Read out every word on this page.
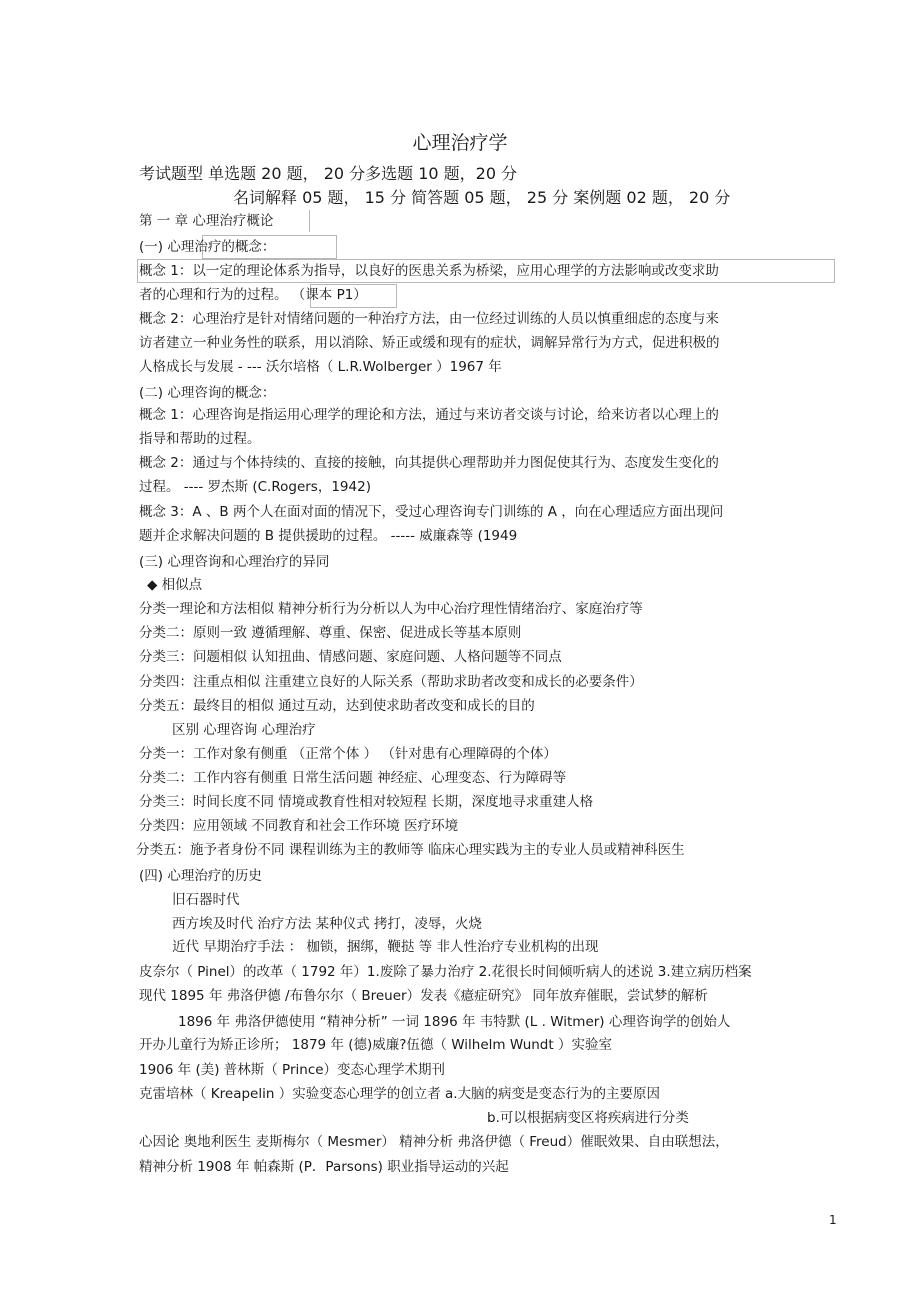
心理治疗学
考试题型 单选题 20 题， 20 分多选题 10 题，20 分
名词解释 05 题， 15 分 简答题 05 题， 25 分 案例题 02 题， 20 分
第 一 章 心理治疗概论
(一) 心理治疗的概念：
概念 1：以一定的理论体系为指导，以良好的医患关系为桥梁，应用心理学的方法影响或改变求助
者的心理和行为的过程。 （课本 P1）
概念 2：心理治疗是针对情绪问题的一种治疗方法，由一位经过训练的人员以慎重细虑的态度与来
访者建立一种业务性的联系，用以消除、矫正或缓和现有的症状，调解异常行为方式，促进积极的
人格成长与发展 - --- 沃尔培格（ L.R.Wolberger ）1967 年
(二) 心理咨询的概念：
概念 1：心理咨询是指运用心理学的理论和方法，通过与来访者交谈与讨论，给来访者以心理上的
指导和帮助的过程。
概念 2：通过与个体持续的、直接的接触，向其提供心理帮助并力图促使其行为、态度发生变化的
过程。 ---- 罗杰斯 (C.Rogers，1942)
概念 3：A 、B 两个人在面对面的情况下，受过心理咨询专门训练的 A ，向在心理适应方面出现问
题并企求解决问题的 B 提供援助的过程。 ----- 威廉森等 (1949
(三) 心理咨询和心理治疗的异同
◆ 相似点
分类一理论和方法相似 精神分析行为分析以人为中心治疗理性情绪治疗、家庭治疗等
分类二：原则一致 遵循理解、尊重、保密、促进成长等基本原则
分类三：问题相似 认知扭曲、情感问题、家庭问题、人格问题等不同点
分类四：注重点相似 注重建立良好的人际关系（帮助求助者改变和成长的必要条件）
分类五：最终目的相似 通过互动，达到使求助者改变和成长的目的
区别 心理咨询 心理治疗
分类一：工作对象有侧重 （正常个体 ） （针对患有心理障碍的个体）
分类二：工作内容有侧重 日常生活问题 神经症、心理变态、行为障碍等
分类三：时间长度不同 情境或教育性相对较短程 长期，深度地寻求重建人格
分类四：应用领域 不同教育和社会工作环境 医疗环境
分类五：施予者身份不同 课程训练为主的教师等 临床心理实践为主的专业人员或精神科医生
(四) 心理治疗的历史
旧石器时代
西方埃及时代 治疗方法 某种仪式 拷打，凌辱，火烧
近代 早期治疗手法 ： 枷锁，捆绑，鞭挞 等 非人性治疗专业机构的出现
皮奈尔（ Pinel）的改革（ 1792 年）1.废除了暴力治疗 2.花很长时间倾听病人的述说 3.建立病历档案
现代 1895 年 弗洛伊德 /布鲁尔尔（ Breuer）发表《癔症研究》 同年放弃催眠，尝试梦的解析
1896 年 弗洛伊德使用 “精神分析” 一词 1896 年 韦特默 (L . Witmer) 心理咨询学的创始人
开办儿童行为矫正诊所； 1879 年 (德)威廉?伍德（ Wilhelm Wundt ）实验室
1906 年 (美) 普林斯（ Prince）变态心理学术期刊
克雷培林（ Kreapelin ）实验变态心理学的创立者 a.大脑的病变是变态行为的主要原因
b.可以根据病变区将疾病进行分类
心因论 奥地利医生 麦斯梅尔（ Mesmer） 精神分析 弗洛伊德（ Freud）催眠效果、自由联想法，
精神分析 1908 年 帕森斯 (P．Parsons) 职业指导运动的兴起
1
